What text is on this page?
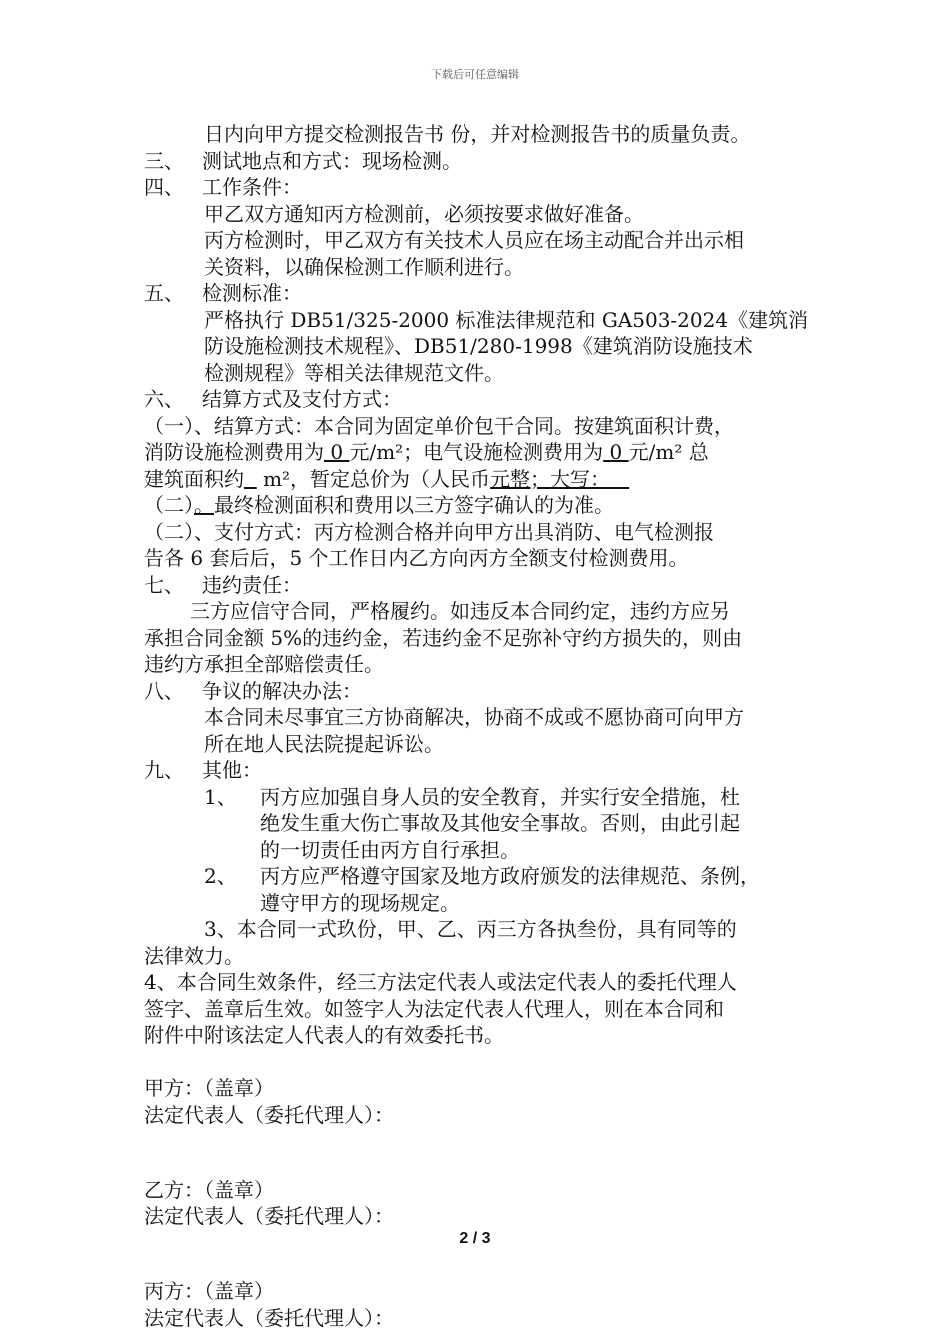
下载后可任意编辑
日内向甲方提交检测报告书 份，并对检测报告书的质量负责。
三、 测试地点和方式：现场检测。
四、 工作条件：
甲乙双方通知丙方检测前，必须按要求做好准备。
丙方检测时，甲乙双方有关技术人员应在场主动配合并出示相
关资料，以确保检测工作顺利进行。
五、 检测标准：
严格执行 DB51/325-2000 标准法律规范和 GA503-2024《建筑消
防设施检测技术规程》、DB51/280-1998《建筑消防设施技术
检测规程》等相关法律规范文件。
六、 结算方式及支付方式：
（一）、结算方式：本合同为固定单价包干合同。按建筑面积计费，
消防设施检测费用为 0 元/m²；电气设施检测费用为 0 元/m² 总
建筑面积约   m²，暂定总价为（人民币元整；大写：
（二）。最终检测面积和费用以三方签字确认的为准。
（二）、支付方式：丙方检测合格并向甲方出具消防、电气检测报
告各 6 套后后，5 个工作日内乙方向丙方全额支付检测费用。
七、 违约责任：
三方应信守合同，严格履约。如违反本合同约定，违约方应另
承担合同金额 5%的违约金，若违约金不足弥补守约方损失的，则由
违约方承担全部赔偿责任。
八、 争议的解决办法：
本合同未尽事宜三方协商解决，协商不成或不愿协商可向甲方
所在地人民法院提起诉讼。
九、 其他：
1、 丙方应加强自身人员的安全教育，并实行安全措施，杜
绝发生重大伤亡事故及其他安全事故。否则，由此引起
的一切责任由丙方自行承担。
2、 丙方应严格遵守国家及地方政府颁发的法律规范、条例，
遵守甲方的现场规定。
3、本合同一式玖份，甲、乙、丙三方各执叁份，具有同等的
法律效力。
4、本合同生效条件，经三方法定代表人或法定代表人的委托代理人
签字、盖章后生效。如签字人为法定代表人代理人，则在本合同和
附件中附该法定人代表人的有效委托书。
甲方：（盖章）
法定代表人（委托代理人）：
乙方：（盖章）
法定代表人（委托代理人）：
丙方：（盖章）
法定代表人（委托代理人）：
2 / 3
